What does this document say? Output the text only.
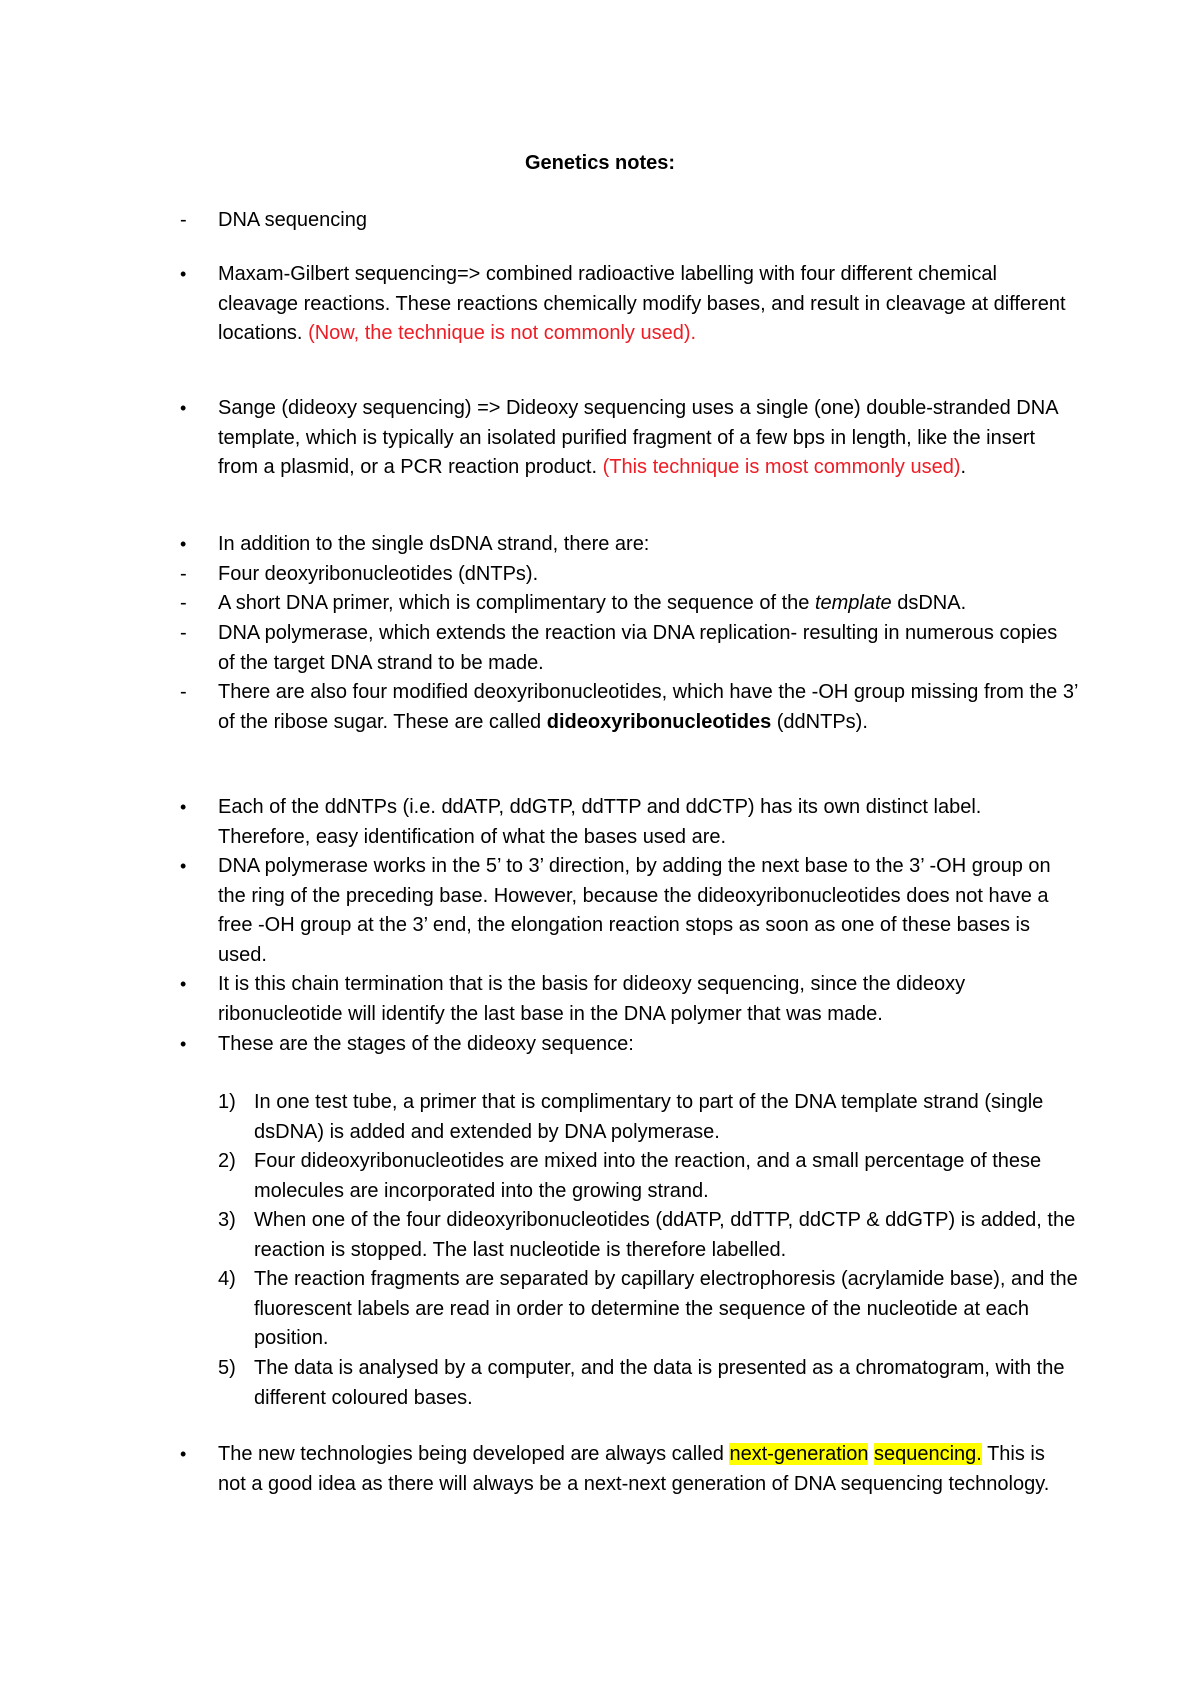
Genetics notes:
-	DNA sequencing
•	Maxam-Gilbert sequencing=> combined radioactive labelling with four different chemical cleavage reactions. These reactions chemically modify bases, and result in cleavage at different locations. (Now, the technique is not commonly used).
•	Sange (dideoxy sequencing) => Dideoxy sequencing uses a single (one) double-stranded DNA template, which is typically an isolated purified fragment of a few bps in length, like the insert from a plasmid, or a PCR reaction product. (This technique is most commonly used).
•	In addition to the single dsDNA strand, there are:
-	Four deoxyribonucleotides (dNTPs).
-	A short DNA primer, which is complimentary to the sequence of the template dsDNA.
-	DNA polymerase, which extends the reaction via DNA replication- resulting in numerous copies of the target DNA strand to be made.
-	There are also four modified deoxyribonucleotides, which have the -OH group missing from the 3’ of the ribose sugar. These are called dideoxyribonucleotides (ddNTPs).
•	Each of the ddNTPs (i.e. ddATP, ddGTP, ddTTP and ddCTP) has its own distinct label. Therefore, easy identification of what the bases used are.
•	DNA polymerase works in the 5’ to 3’ direction, by adding the next base to the 3’ -OH group on the ring of the preceding base. However, because the dideoxyribonucleotides does not have a free -OH group at the 3’ end, the elongation reaction stops as soon as one of these bases is used.
•	It is this chain termination that is the basis for dideoxy sequencing, since the dideoxy ribonucleotide will identify the last base in the DNA polymer that was made.
•	These are the stages of the dideoxy sequence:
1) In one test tube, a primer that is complimentary to part of the DNA template strand (single dsDNA) is added and extended by DNA polymerase.
2) Four dideoxyribonucleotides are mixed into the reaction, and a small percentage of these molecules are incorporated into the growing strand.
3) When one of the four dideoxyribonucleotides (ddATP, ddTTP, ddCTP & ddGTP) is added, the reaction is stopped. The last nucleotide is therefore labelled.
4) The reaction fragments are separated by capillary electrophoresis (acrylamide base), and the fluorescent labels are read in order to determine the sequence of the nucleotide at each position.
5) The data is analysed by a computer, and the data is presented as a chromatogram, with the different coloured bases.
•	The new technologies being developed are always called next-generation sequencing. This is not a good idea as there will always be a next-next generation of DNA sequencing technology.
